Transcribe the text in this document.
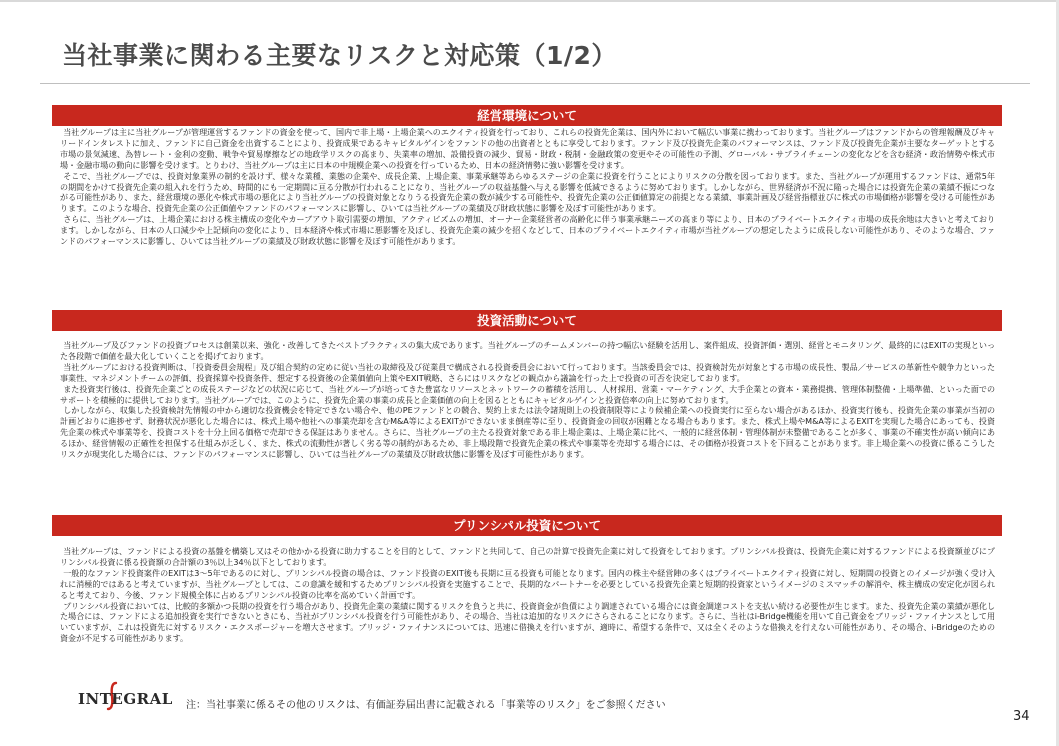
当社事業に関わる主要なリスクと対応策（1/2）
経営環境について

当社グループは主に当社グループが管理運営するファンドの資金を使って、国内で非上場・上場企業へのエクイティ投資を行っており、これらの投資先企業は、国内外において幅広い事業に携わっております。当社グループはファンドからの管理報酬及びキャリードインタレストに加え、ファンドに自己資金を出資することにより、投資成果であるキャピタルゲインをファンドの他の出資者とともに享受しております。ファンド及び投資先企業のパフォーマンスは、ファンド及び投資先企業が主要なターゲットとする市場の景気減速、為替レート・金利の変動、戦争や貿易摩擦などの地政学リスクの高まり、失業率の増加、設備投資の減少、貿易・財政・税制・金融政策の変更やその可能性の予測、グローバル・サプライチェーンの変化などを含む経済・政治情勢や株式市場・金融市場の動向に影響を受けます。とりわけ、当社グループは主に日本の中規模企業への投資を行っているため、日本の経済情勢に強い影響を受けます。

そこで、当社グループでは、投資対象業界の制約を設けず、様々な業種、業態の企業や、成長企業、上場企業、事業承継等あらゆるステージの企業に投資を行うことによりリスクの分散を図っております。また、当社グループが運用するファンドは、通常5年の期間をかけて投資先企業の組入れを行うため、時間的にも一定期間に亘る分散が行われることになり、当社グループの収益基盤へ与える影響を低減できるように努めております。しかしながら、世界経済が不況に陥った場合には投資先企業の業績不振につながる可能性があり、また、経営環境の悪化や株式市場の悪化により当社グループの投資対象となりうる投資先企業の数が減少する可能性や、投資先企業の公正価値算定の前提となる業績、事業計画及び経営指標並びに株式の市場価格が影響を受ける可能性があります。このような場合、投資先企業の公正価値やファンドのパフォーマンスに影響し、ひいては当社グループの業績及び財政状態に影響を及ぼす可能性があります。

さらに、当社グループは、上場企業における株主構成の変化やカーブアウト取引需要の増加、アクティビズムの増加、オーナー企業経営者の高齢化に伴う事業承継ニーズの高まり等により、日本のプライベートエクイティ市場の成長余地は大きいと考えております。しかしながら、日本の人口減少や上記傾向の変化により、日本経済や株式市場に悪影響を及ぼし、投資先企業の減少を招くなどして、日本のプライベートエクイティ市場が当社グループの想定したように成長しない可能性があり、そのような場合、ファンドのパフォーマンスに影響し、ひいては当社グループの業績及び財政状態に影響を及ぼす可能性があります。

投資活動について

当社グループ及びファンドの投資プロセスは創業以来、強化・改善してきたベストプラクティスの集大成であります。当社グループのチームメンバーの持つ幅広い経験を活用し、案件組成、投資評価・選別、経営とモニタリング、最終的にはEXITの実現といった各段階で価値を最大化していくことを掲げております。

当社グループにおける投資判断は、「投資委員会規程」及び組合契約の定めに従い当社の取締役及び従業員で構成される投資委員会において行っております。当該委員会では、投資検討先が対象とする市場の成長性、製品／サービスの革新性や競争力といった事業性、マネジメントチームの評価、投資採算や投資条件、想定する投資後の企業価値向上策やEXIT戦略、さらにはリスクなどの観点から議論を行った上で投資の可否を決定しております。

また投資実行後は、投資先企業ごとの成長ステージなどの状況に応じて、当社グループが培ってきた豊富なリソースとネットワークの蓄積を活用し、人材採用、営業・マーケティング、大手企業との資本・業務提携、管理体制整備・上場準備、といった面でのサポートを積極的に提供しております。当社グループでは、このように、投資先企業の事業の成長と企業価値の向上を図るとともにキャピタルゲインと投資倍率の向上に努めております。

しかしながら、収集した投資検討先情報の中から適切な投資機会を特定できない場合や、他のPEファンドとの競合、契約上または法令諸規則上の投資制限等により候補企業への投資実行に至らない場合があるほか、投資実行後も、投資先企業の事業が当初の計画どおりに進捗せず、財務状況が悪化した場合には、株式上場や他社への事業売却を含むM&A等によるEXITができないまま倒産等に至り、投資資金の回収が困難となる場合もあります。また、株式上場やM&A等によるEXITを実現した場合にあっても、投資先企業の株式や事業等を、投資コストを十分上回る価格で売却できる保証はありません。さらに、当社グループの主たる投資対象である非上場企業は、上場企業に比べ、一般的に経営体制・管理体制が未整備であることが多く、事業の不確実性が高い傾向にあるほか、経営情報の正確性を担保する仕組みが乏しく、また、株式の流動性が著しく劣る等の制約があるため、非上場段階で投資先企業の株式や事業等を売却する場合には、その価格が投資コストを下回ることがあります。非上場企業への投資に係るこうしたリスクが現実化した場合には、ファンドのパフォーマンスに影響し、ひいては当社グループの業績及び財政状態に影響を及ぼす可能性があります。

プリンシパル投資について

当社グループは、ファンドによる投資の基盤を構築し又はその他かかる投資に助力することを目的として、ファンドと共同して、自己の計算で投資先企業に対して投資をしております。プリンシパル投資は、投資先企業に対するファンドによる投資額並びにプリンシパル投資に係る投資額の合計額の3％以上34％以下としております。

一般的なファンド投資案件のEXITは3～5年であるのに対し、プリンシパル投資の場合は、ファンド投資のEXIT後も長期に亘る投資も可能となります。国内の株主や経営陣の多くはプライベートエクイティ投資に対し、短期間の投資とのイメージが強く受け入れに消極的ではあると考えていますが、当社グループとしては、この意識を緩和するためプリンシパル投資を実施することで、長期的なパートナーを必要としている投資先企業と短期的投資家というイメージのミスマッチの解消や、株主構成の安定化が図られると考えており、今後、ファンド規模全体に占めるプリンシパル投資の比率を高めていく計画です。

プリンシパル投資においては、比較的多額かつ長期の投資を行う場合があり、投資先企業の業績に関するリスクを負うと共に、投資資金が負債により調達されている場合には資金調達コストを支払い続ける必要性が生じます。また、投資先企業の業績が悪化した場合には、ファンドによる追加投資を実行できないときにも、当社がプリンシパル投資を行う可能性があり、その場合、当社は追加的なリスクにさらされることになります。さらに、当社はi-Bridge機能を用いて自己資金をブリッジ・ファイナンスとして用いていますが、これは投資先に対するリスク・エクスポージャーを増大させます。ブリッジ・ファイナンスについては、迅速に借換えを行いますが、適時に、希望する条件で、又は全くそのような借換えを行えない可能性があり、その場合、i-Bridgeのための資金が不足する可能性があります。

INTEGRAL 注：当社事業に係るその他のリスクは、有価証券届出書に記載される「事業等のリスク」をご参照ください
34
